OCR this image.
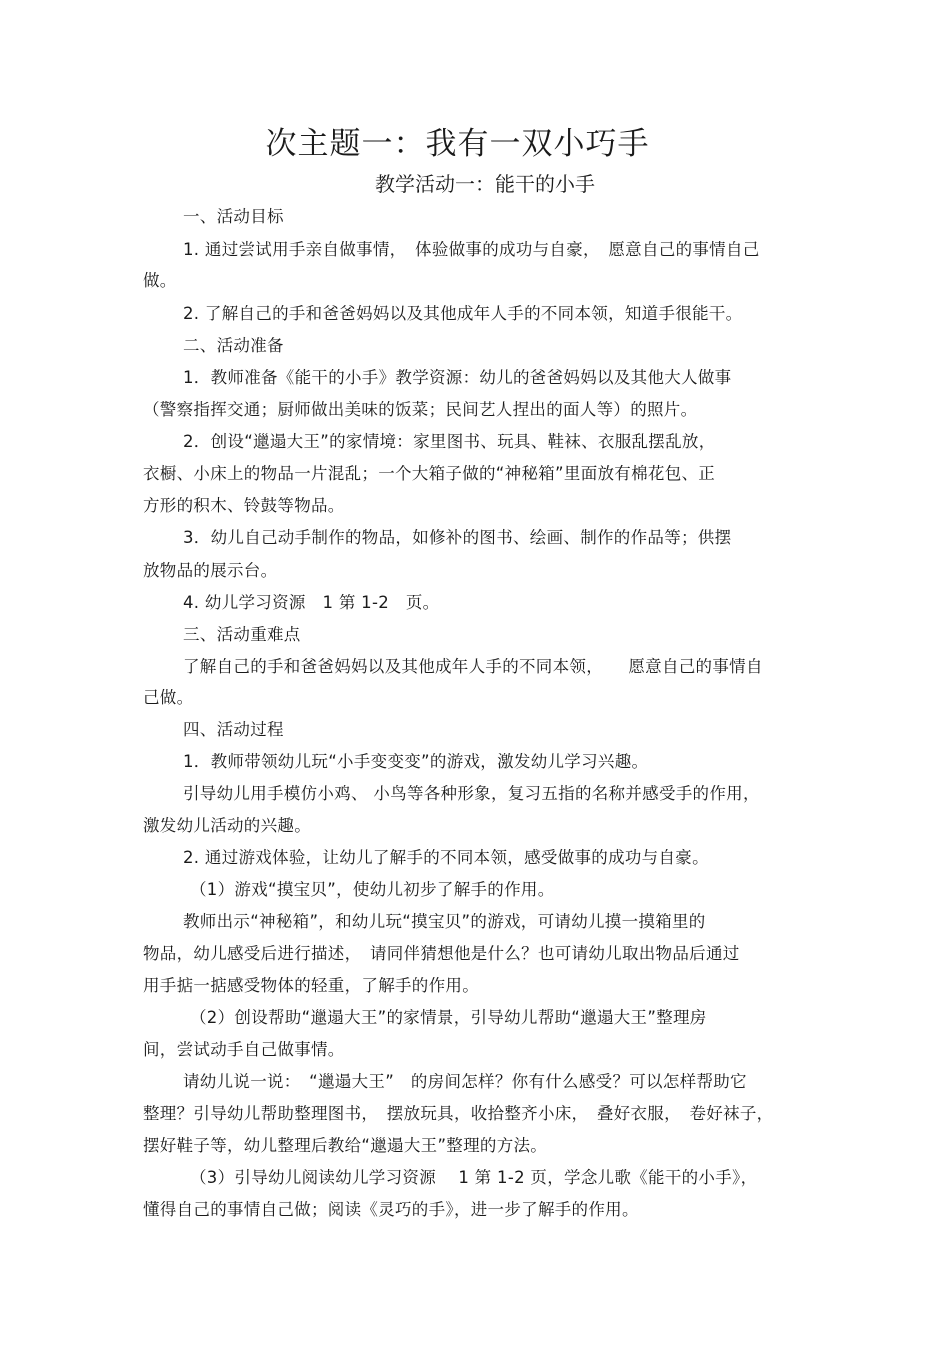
次主题一：我有一双小巧手
教学活动一：能干的小手
一、活动目标
1. 通过尝试用手亲自做事情，　体验做事的成功与自豪，　愿意自己的事情自己
做。
2. 了解自己的手和爸爸妈妈以及其他成年人手的不同本领，知道手很能干。
二、活动准备
1．教师准备《能干的小手》教学资源：幼儿的爸爸妈妈以及其他大人做事
（警察指挥交通；厨师做出美味的饭菜；民间艺人捏出的面人等）的照片。
2．创设“邋遢大王”的家情境：家里图书、玩具、鞋袜、衣服乱摆乱放，
衣橱、小床上的物品一片混乱；一个大箱子做的“神秘箱”里面放有棉花包、正
方形的积木、铃鼓等物品。
3．幼儿自己动手制作的物品，如修补的图书、绘画、制作的作品等；供摆
放物品的展示台。
4. 幼儿学习资源　1 第 1-2　页。
三、活动重难点
了解自己的手和爸爸妈妈以及其他成年人手的不同本领，　　愿意自己的事情自
己做。
四、活动过程
1．教师带领幼儿玩“小手变变变”的游戏，激发幼儿学习兴趣。
引导幼儿用手模仿小鸡、 小鸟等各种形象，复习五指的名称并感受手的作用，
激发幼儿活动的兴趣。
2. 通过游戏体验，让幼儿了解手的不同本领，感受做事的成功与自豪。
（1）游戏“摸宝贝”，使幼儿初步了解手的作用。
教师出示“神秘箱”，和幼儿玩“摸宝贝”的游戏，可请幼儿摸一摸箱里的
物品，幼儿感受后进行描述，　请同伴猜想他是什么？也可请幼儿取出物品后通过
用手掂一掂感受物体的轻重，了解手的作用。
（2）创设帮助“邋遢大王”的家情景，引导幼儿帮助“邋遢大王”整理房
间，尝试动手自己做事情。
请幼儿说一说：　“邋遢大王”　的房间怎样？你有什么感受？可以怎样帮助它
整理？引导幼儿帮助整理图书，　摆放玩具，收拾整齐小床，　叠好衣服，　卷好袜子，
摆好鞋子等，幼儿整理后教给“邋遢大王”整理的方法。
（3）引导幼儿阅读幼儿学习资源　 1 第 1-2 页，学念儿歌《能干的小手》，
懂得自己的事情自己做；阅读《灵巧的手》，进一步了解手的作用。
